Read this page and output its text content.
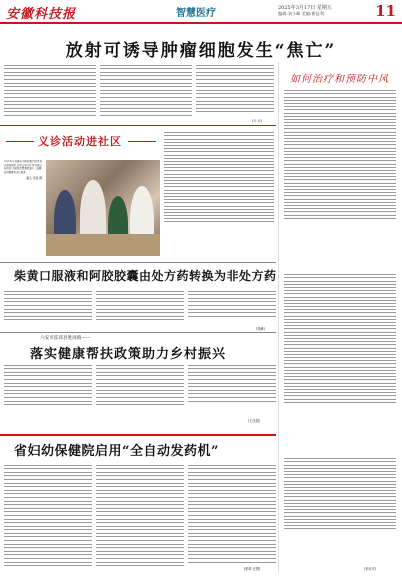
安徽科技报	智慧医疗	2025年3月17日 星期五
编辑:刘小峰 美编:崔征利	11
放射可诱导肿瘤细胞发生“焦亡”
(亓 太)
义诊活动进社区
3月16日,安徽省中医院组织的党员志愿服务队来到合肥市社区开展义诊活动,为居民免费测量血压、血糖,提供健康咨询等服务。
潘玉 李超 摄
柴黄口服液和阿胶胶囊由处方药转换为非处方药
(郑峰)
六安市霍邱县胜岗镇——
落实健康帮扶政策助力乡村振兴
(王彦超)
省妇幼保健院启用“全自动发药机”
(张琪 汪慧)
如何治疗和预防中风
(李永安)
